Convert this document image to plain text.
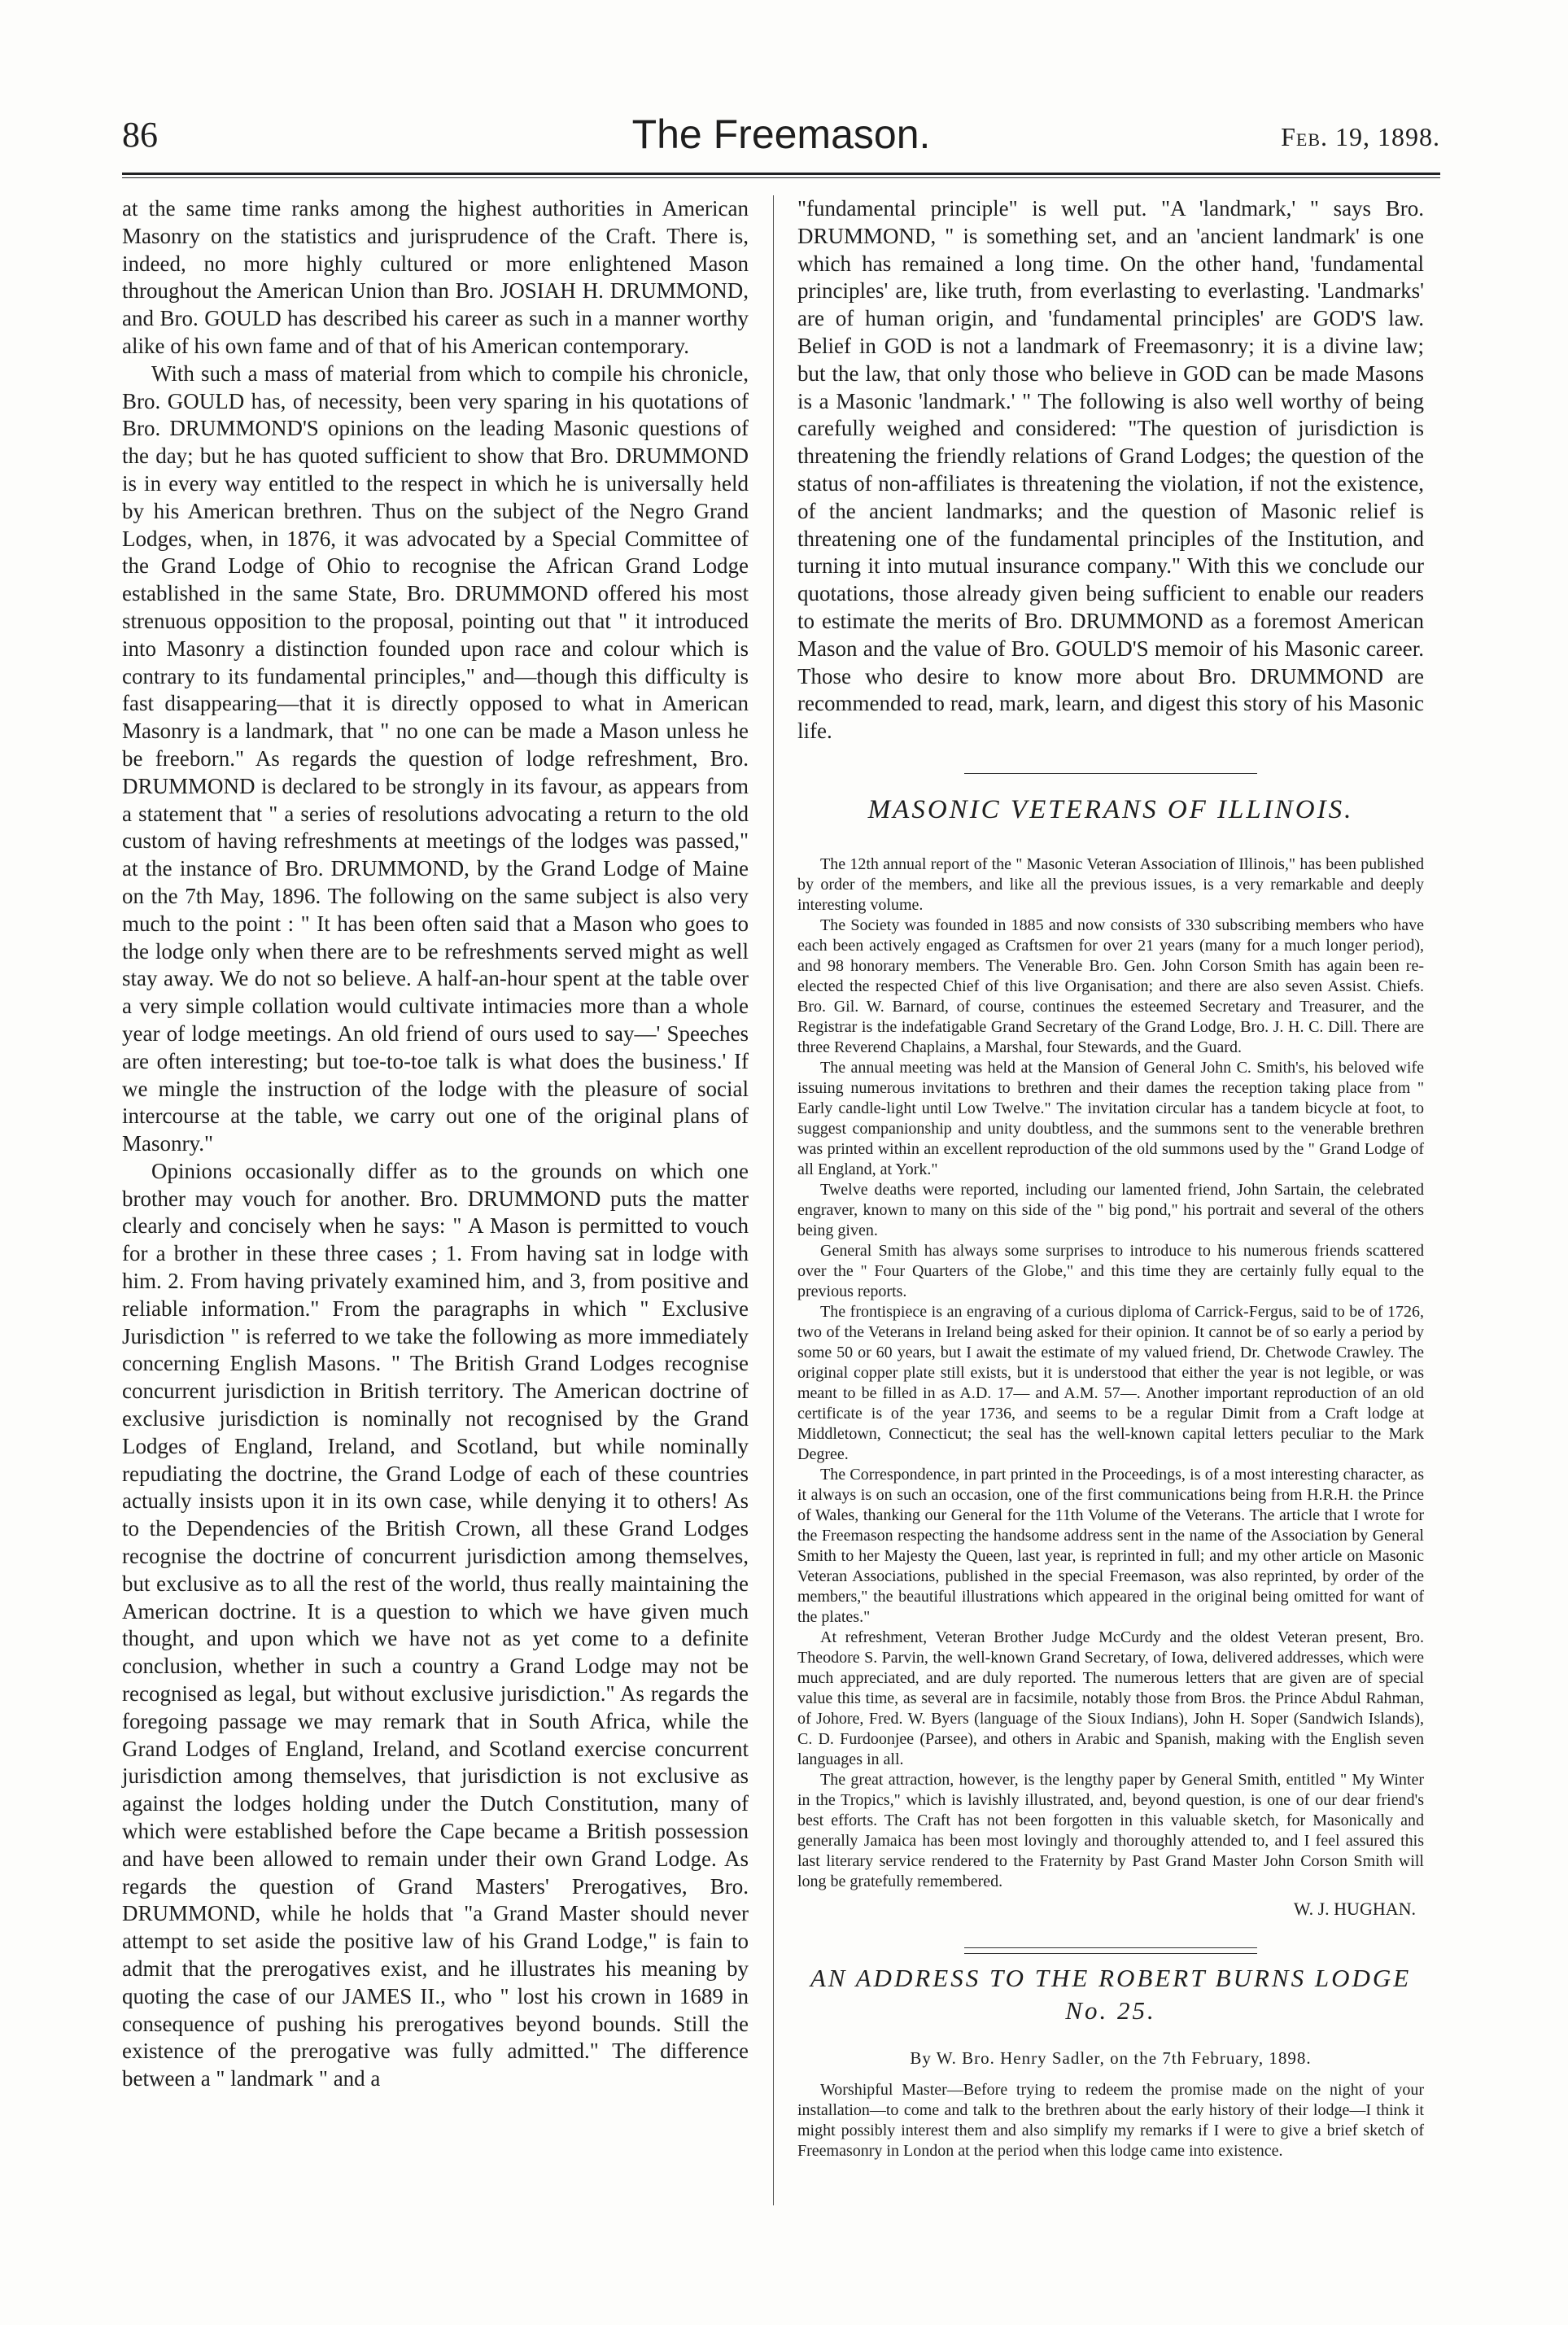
86	The Freemason.	Feb. 19, 1898.

at the same time ranks among the highest authorities in American Masonry on the statistics and jurisprudence of the Craft. There is, indeed, no more highly cultured or more enlightened Mason throughout the American Union than Bro. JOSIAH H. DRUMMOND, and Bro. GOULD has described his career as such in a manner worthy alike of his own fame and of that of his American contemporary.

With such a mass of material from which to compile his chronicle, Bro. GOULD has, of necessity, been very sparing in his quotations of Bro. DRUMMOND'S opinions on the leading Masonic questions of the day; but he has quoted sufficient to show that Bro. DRUMMOND is in every way entitled to the respect in which he is universally held by his American brethren. Thus on the subject of the Negro Grand Lodges, when, in 1876, it was advocated by a Special Committee of the Grand Lodge of Ohio to recognise the African Grand Lodge established in the same State, Bro. DRUMMOND offered his most strenuous opposition to the proposal, pointing out that " it introduced into Masonry a distinction founded upon race and colour which is contrary to its fundamental principles," and—though this difficulty is fast disappearing—that it is directly opposed to what in American Masonry is a landmark, that " no one can be made a Mason unless he be freeborn." As regards the question of lodge refreshment, Bro. DRUMMOND is declared to be strongly in its favour, as appears from a statement that " a series of resolutions advocating a return to the old custom of having refreshments at meetings of the lodges was passed," at the instance of Bro. DRUMMOND, by the Grand Lodge of Maine on the 7th May, 1896. The following on the same subject is also very much to the point : " It has been often said that a Mason who goes to the lodge only when there are to be refreshments served might as well stay away. We do not so believe. A half-an-hour spent at the table over a very simple collation would cultivate intimacies more than a whole year of lodge meetings. An old friend of ours used to say—' Speeches are often interesting; but toe-to-toe talk is what does the business.' If we mingle the instruction of the lodge with the pleasure of social intercourse at the table, we carry out one of the original plans of Masonry."

Opinions occasionally differ as to the grounds on which one brother may vouch for another. Bro. DRUMMOND puts the matter clearly and concisely when he says: " A Mason is permitted to vouch for a brother in these three cases ; 1. From having sat in lodge with him. 2. From having privately examined him, and 3, from positive and reliable information." From the paragraphs in which " Exclusive Jurisdiction " is referred to we take the following as more immediately concerning English Masons. " The British Grand Lodges recognise concurrent jurisdiction in British territory. The American doctrine of exclusive jurisdiction is nominally not recognised by the Grand Lodges of England, Ireland, and Scotland, but while nominally repudiating the doctrine, the Grand Lodge of each of these countries actually insists upon it in its own case, while denying it to others! As to the Dependencies of the British Crown, all these Grand Lodges recognise the doctrine of concurrent jurisdiction among themselves, but exclusive as to all the rest of the world, thus really maintaining the American doctrine. It is a question to which we have given much thought, and upon which we have not as yet come to a definite conclusion, whether in such a country a Grand Lodge may not be recognised as legal, but without exclusive jurisdiction." As regards the foregoing passage we may remark that in South Africa, while the Grand Lodges of England, Ireland, and Scotland exercise concurrent jurisdiction among themselves, that jurisdiction is not exclusive as against the lodges holding under the Dutch Constitution, many of which were established before the Cape became a British possession and have been allowed to remain under their own Grand Lodge. As regards the question of Grand Masters' Prerogatives, Bro. DRUMMOND, while he holds that "a Grand Master should never attempt to set aside the positive law of his Grand Lodge," is fain to admit that the prerogatives exist, and he illustrates his meaning by quoting the case of our JAMES II., who " lost his crown in 1689 in consequence of pushing his prerogatives beyond bounds. Still the existence of the prerogative was fully admitted." The difference between a " landmark " and a

"fundamental principle" is well put. "A 'landmark,' " says Bro. DRUMMOND, " is something set, and an 'ancient landmark' is one which has remained a long time. On the other hand, 'fundamental principles' are, like truth, from everlasting to everlasting. 'Landmarks' are of human origin, and 'fundamental principles' are GOD'S law. Belief in GOD is not a landmark of Freemasonry; it is a divine law; but the law, that only those who believe in GOD can be made Masons is a Masonic 'landmark.' " The following is also well worthy of being carefully weighed and considered: "The question of jurisdiction is threatening the friendly relations of Grand Lodges; the question of the status of non-affiliates is threatening the violation, if not the existence, of the ancient landmarks; and the question of Masonic relief is threatening one of the fundamental principles of the Institution, and turning it into mutual insurance company." With this we conclude our quotations, those already given being sufficient to enable our readers to estimate the merits of Bro. DRUMMOND as a foremost American Mason and the value of Bro. GOULD'S memoir of his Masonic career. Those who desire to know more about Bro. DRUMMOND are recommended to read, mark, learn, and digest this story of his Masonic life.

MASONIC VETERANS OF ILLINOIS.

The 12th annual report of the " Masonic Veteran Association of Illinois," has been published by order of the members, and like all the previous issues, is a very remarkable and deeply interesting volume.

The Society was founded in 1885 and now consists of 330 subscribing members who have each been actively engaged as Craftsmen for over 21 years (many for a much longer period), and 98 honorary members. The Venerable Bro. Gen. John Corson Smith has again been re-elected the respected Chief of this live Organisation; and there are also seven Assist. Chiefs. Bro. Gil. W. Barnard, of course, continues the esteemed Secretary and Treasurer, and the Registrar is the indefatigable Grand Secretary of the Grand Lodge, Bro. J. H. C. Dill. There are three Reverend Chaplains, a Marshal, four Stewards, and the Guard.

The annual meeting was held at the Mansion of General John C. Smith's, his beloved wife issuing numerous invitations to brethren and their dames the reception taking place from " Early candle-light until Low Twelve." The invitation circular has a tandem bicycle at foot, to suggest companionship and unity doubtless, and the summons sent to the venerable brethren was printed within an excellent reproduction of the old summons used by the " Grand Lodge of all England, at York."

Twelve deaths were reported, including our lamented friend, John Sartain, the celebrated engraver, known to many on this side of the " big pond," his portrait and several of the others being given.

General Smith has always some surprises to introduce to his numerous friends scattered over the " Four Quarters of the Globe," and this time they are certainly fully equal to the previous reports.

The frontispiece is an engraving of a curious diploma of Carrick-Fergus, said to be of 1726, two of the Veterans in Ireland being asked for their opinion. It cannot be of so early a period by some 50 or 60 years, but I await the estimate of my valued friend, Dr. Chetwode Crawley. The original copper plate still exists, but it is understood that either the year is not legible, or was meant to be filled in as A.D. 17— and A.M. 57—. Another important reproduction of an old certificate is of the year 1736, and seems to be a regular Dimit from a Craft lodge at Middletown, Connecticut; the seal has the well-known capital letters peculiar to the Mark Degree.

The Correspondence, in part printed in the Proceedings, is of a most interesting character, as it always is on such an occasion, one of the first communications being from H.R.H. the Prince of Wales, thanking our General for the 11th Volume of the Veterans. The article that I wrote for the Freemason respecting the handsome address sent in the name of the Association by General Smith to her Majesty the Queen, last year, is reprinted in full; and my other article on Masonic Veteran Associations, published in the special Freemason, was also reprinted, by order of the members," the beautiful illustrations which appeared in the original being omitted for want of the plates."

At refreshment, Veteran Brother Judge McCurdy and the oldest Veteran present, Bro. Theodore S. Parvin, the well-known Grand Secretary, of Iowa, delivered addresses, which were much appreciated, and are duly reported. The numerous letters that are given are of special value this time, as several are in facsimile, notably those from Bros. the Prince Abdul Rahman, of Johore, Fred. W. Byers (language of the Sioux Indians), John H. Soper (Sandwich Islands), C. D. Furdoonjee (Parsee), and others in Arabic and Spanish, making with the English seven languages in all.

The great attraction, however, is the lengthy paper by General Smith, entitled " My Winter in the Tropics," which is lavishly illustrated, and, beyond question, is one of our dear friend's best efforts. The Craft has not been forgotten in this valuable sketch, for Masonically and generally Jamaica has been most lovingly and thoroughly attended to, and I feel assured this last literary service rendered to the Fraternity by Past Grand Master John Corson Smith will long be gratefully remembered.

W. J. HUGHAN.
AN ADDRESS TO THE ROBERT BURNS LODGE
No. 25.
By W. Bro. Henry Sadler, on the 7th February, 1898.

Worshipful Master—Before trying to redeem the promise made on the night of your installation—to come and talk to the brethren about the early history of their lodge—I think it might possibly interest them and also simplify my remarks if I were to give a brief sketch of Freemasonry in London at the period when this lodge came into existence.
